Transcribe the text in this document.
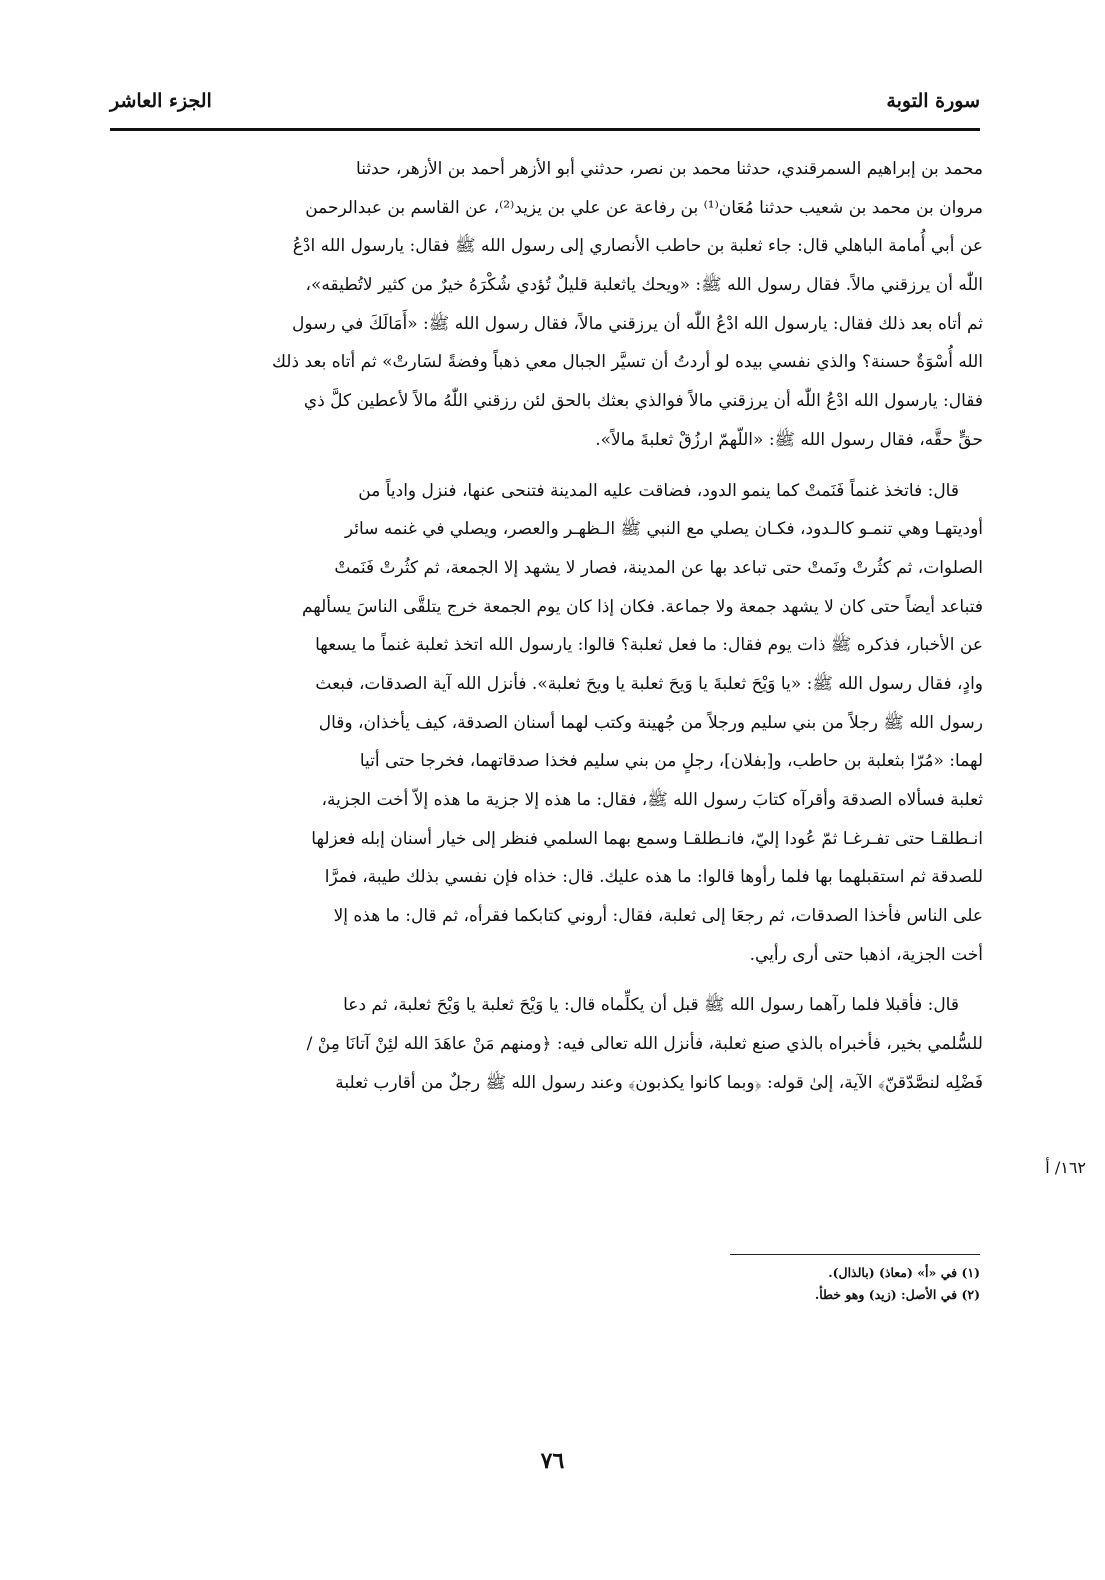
سورة التوبة
الجزء العاشر
محمد بن إبراهيم السمرقندي، حدثنا محمد بن نصر، حدثني أبو الأزهر أحمد بن الأزهر، حدثنا
مروان بن محمد بن شعيب حدثنا مُعَان⁽¹⁾ بن رفاعة عن علي بن يزيد⁽²⁾، عن القاسم بن عبدالرحمن
عن أبي أُمامة الباهلي قال: جاء ثعلبة بن حاطب الأنصاري إلى رسول الله ﷺ فقال: يارسول الله ادْعُ
اللّٰه أن يرزقني مالاً. فقال رسول الله ﷺ: «ويحك ياثعلبة قليلٌ تُؤدي شُكْرَهُ خيرٌ من كثير لاتُطيقه»،
ثم أتاه بعد ذلك فقال: يارسول الله ادْعُ اللّٰه أن يرزقني مالاً، فقال رسول الله ﷺ: «أَمَالَكَ في رسول
الله أُسْوَةٌ حسنة؟ والذي نفسي بيده لو أردتُ أن تسيَّر الجبال معي ذهباً وفضةً لسَارتْ» ثم أتاه بعد ذلك
فقال: يارسول الله ادْعُ اللّٰه أن يرزقني مالاً فوالذي بعثك بالحق لئن رزقني اللّٰهُ مالاً لأعطين كلَّ ذي
حقٍّ حقَّه، فقال رسول الله ﷺ: «اللّهمّ ارزُقْ ثعلبةَ مالاً».
قال: فاتخذ غنماً فَنَمتْ كما ينمو الدود، فضاقت عليه المدينة فتنحى عنها، فنزل وادياً من
أوديتهـا وهي تنمـو كالـدود، فكـان يصلي مع النبي ﷺ الـظهـر والعصر، ويصلي في غنمه سائر
الصلوات، ثم كثُرتْ ونَمتْ حتى تباعد بها عن المدينة، فصار لا يشهد إلا الجمعة، ثم كثُرتْ فَنَمتْ
فتباعد أيضاً حتى كان لا يشهد جمعة ولا جماعة. فكان إذا كان يوم الجمعة خرج يتلقَّى الناسَ يسألهم
عن الأخبار، فذكره ﷺ ذات يوم فقال: ما فعل ثعلبة؟ قالوا: يارسول الله اتخذ ثعلبة غنماً ما يسعها
وادٍ، فقال رسول الله ﷺ: «يا وَيْحَ ثعلبةَ يا وَيحَ ثعلبة يا ويحَ ثعلبة». فأنزل الله آية الصدقات، فبعث
رسول الله ﷺ رجلاً من بني سليم ورجلاً من جُهينة وكتب لهما أسنان الصدقة، كيف يأخذان، وقال
لهما: «مُرّا بثعلبة بن حاطب، و[بفلان]، رجلٍ من بني سليم فخذا صدقاتهما، فخرجا حتى أتيا
ثعلبة فسألاه الصدقة وأقرآه كتابَ رسول الله ﷺ، فقال: ما هذه إلا جزية ما هذه إلاّ أخت الجزية،
انـطلقـا حتى تفـرغـا ثمّ عُودا إليّ، فانـطلقـا وسمع بهما السلمي فنظر إلى خيار أسنان إبله فعزلها
للصدقة ثم استقبلهما بها فلما رأوها قالوا: ما هذه عليك. قال: خذاه فإن نفسي بذلك طيبة، فمرَّا
على الناس فأخذا الصدقات، ثم رجعَا إلى ثعلبة، فقال: أروني كتابكما فقرأه، ثم قال: ما هذه إلا
أخت الجزية، اذهبا حتى أرى رأيي.
قال: فأقبلا فلما رآهما رسول الله ﷺ قبل أن يكلِّماه قال: يا وَيْحَ ثعلبة يا وَيْحَ ثعلبة، ثم دعا
للسُّلمي بخير، فأخبراه بالذي صنع ثعلبة، فأنزل الله تعالى فيه: ﴿ومنهم مَنْ عاهَدَ الله لئِنْ آتانَا مِنْ /
فَضْلِه لنصَّدّقنّ﴾ الآية، إلىٰ قوله: ﴿وبما كانوا يكذبون﴾ وعند رسول الله ﷺ رجلٌ من أقارب ثعلبة
١٦٢/ أ
(١) في «أ» (معاذ) (بالذال).
(٢) في الأصل: (زيد) وهو خطأ.
٧٦
